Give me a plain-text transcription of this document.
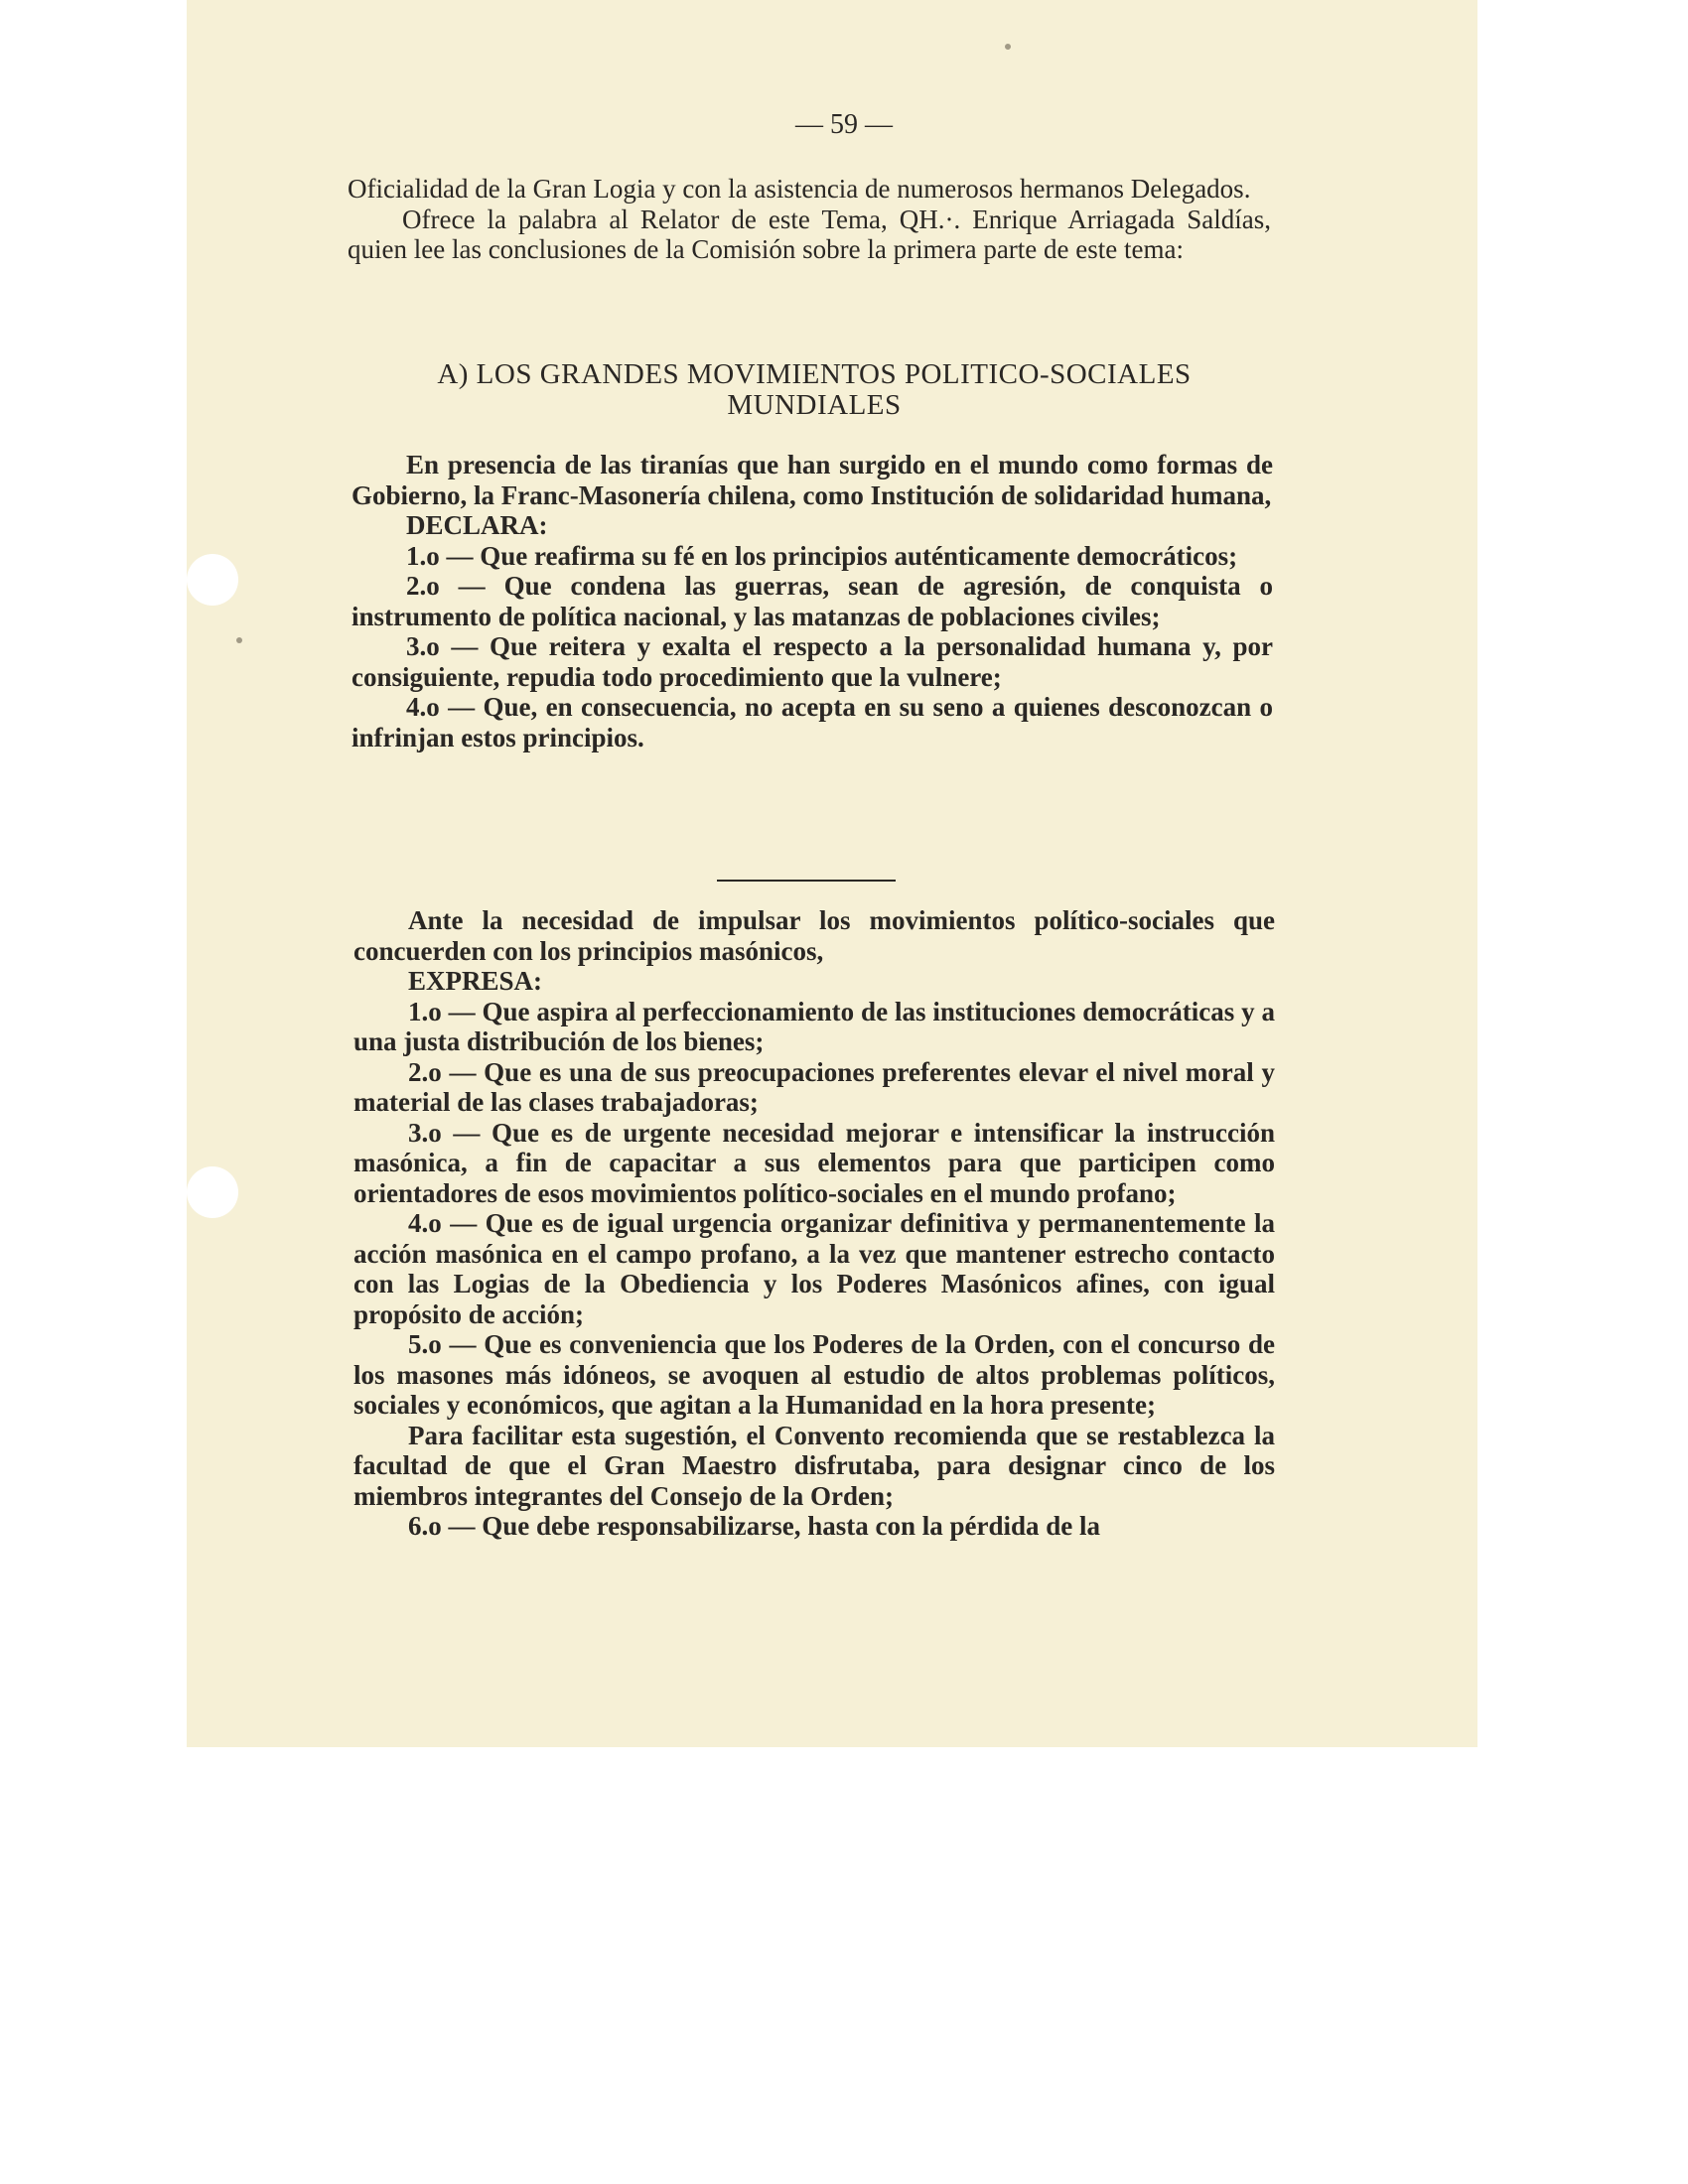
— 59 —

Oficialidad de la Gran Logia y con la asistencia de numerosos hermanos Delegados.

Ofrece la palabra al Relator de este Tema, QH.·. Enrique Arriagada Saldías, quien lee las conclusiones de la Comisión sobre la primera parte de este tema:

A) LOS GRANDES MOVIMIENTOS POLITICO-SOCIALES
MUNDIALES

En presencia de las tiranías que han surgido en el mundo como formas de Gobierno, la Franc-Masonería chilena, como Institución de solidaridad humana,

DECLARA:

1.o — Que reafirma su fé en los principios auténticamente democráticos;

2.o — Que condena las guerras, sean de agresión, de conquista o instrumento de política nacional, y las matanzas de poblaciones civiles;

3.o — Que reitera y exalta el respecto a la personalidad humana y, por consiguiente, repudia todo procedimiento que la vulnere;

4.o — Que, en consecuencia, no acepta en su seno a quienes desconozcan o infrinjan estos principios.

Ante la necesidad de impulsar los movimientos político-sociales que concuerden con los principios masónicos,

EXPRESA:

1.o — Que aspira al perfeccionamiento de las instituciones democráticas y a una justa distribución de los bienes;

2.o — Que es una de sus preocupaciones preferentes elevar el nivel moral y material de las clases trabajadoras;

3.o — Que es de urgente necesidad mejorar e intensificar la instrucción masónica, a fin de capacitar a sus elementos para que participen como orientadores de esos movimientos político-sociales en el mundo profano;

4.o — Que es de igual urgencia organizar definitiva y permanentemente la acción masónica en el campo profano, a la vez que mantener estrecho contacto con las Logias de la Obediencia y los Poderes Masónicos afines, con igual propósito de acción;

5.o — Que es conveniencia que los Poderes de la Orden, con el concurso de los masones más idóneos, se avoquen al estudio de altos problemas políticos, sociales y económicos, que agitan a la Humanidad en la hora presente;

Para facilitar esta sugestión, el Convento recomienda que se restablezca la facultad de que el Gran Maestro disfrutaba, para designar cinco de los miembros integrantes del Consejo de la Orden;

6.o — Que debe responsabilizarse, hasta con la pérdida de la
